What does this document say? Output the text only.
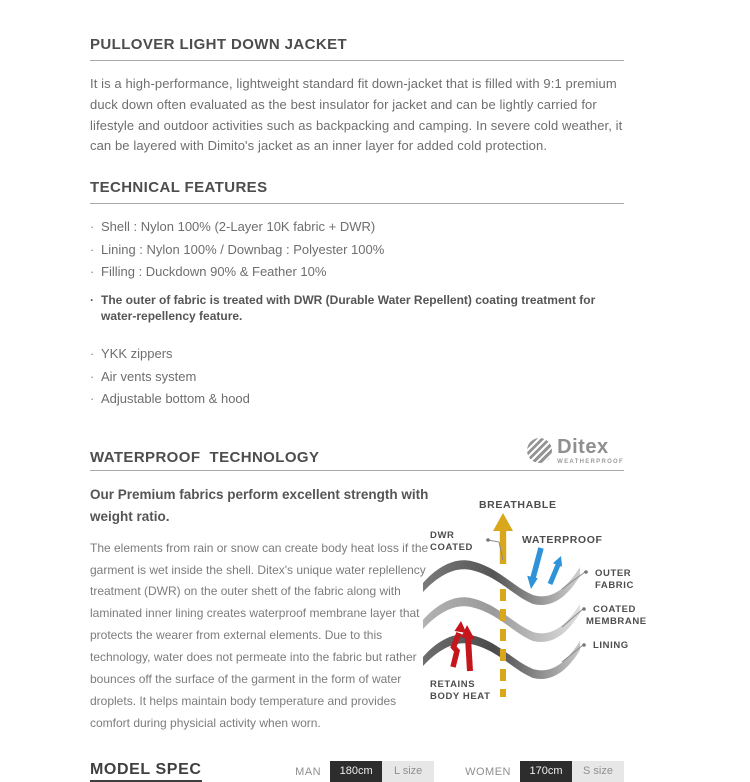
PULLOVER LIGHT DOWN JACKET

It is a high-performance, lightweight standard fit down-jacket that is filled with 9:1 premium duck down often evaluated as the best insulator for jacket and can be lightly carried for lifestyle and outdoor activities such as backpacking and camping. In severe cold weather, it can be layered with Dimito's jacket as an inner layer for added cold protection.

TECHNICAL FEATURES
· Shell : Nylon 100% (2-Layer 10K fabric + DWR)
· Lining : Nylon 100% / Downbag : Polyester 100%
· Filling : Duckdown 90% & Feather 10%
· The outer of fabric is treated with DWR (Durable Water Repellent) coating treatment for water-repellency feature.
· YKK zippers
· Air vents system
· Adjustable bottom & hood
WATERPROOF  TECHNOLOGY	Ditex
WEATHERPROOF

Our Premium fabrics perform excellent strength with weight ratio.

The elements from rain or snow can create body heat loss if the garment is wet inside the shell. Ditex's unique water replellency treatment (DWR) on the outer shett of the fabric along with laminated inner lining creates waterproof membrane layer that protects the wearer from external elements. Due to this technology, water does not permeate into the fabric but rather bounces off the surface of the garment in the form of water droplets. It helps maintain body temperature and provides comfort during physicial activity when worn.
BREATHABLE
WATERPROOF
DWR
COATED
RETAINS
BODY HEAT
OUTER
FABRIC
COATED
MEMBRANE
LINING
MODEL SPEC	MAN	180cm	L size	WOMEN	170cm	S size
